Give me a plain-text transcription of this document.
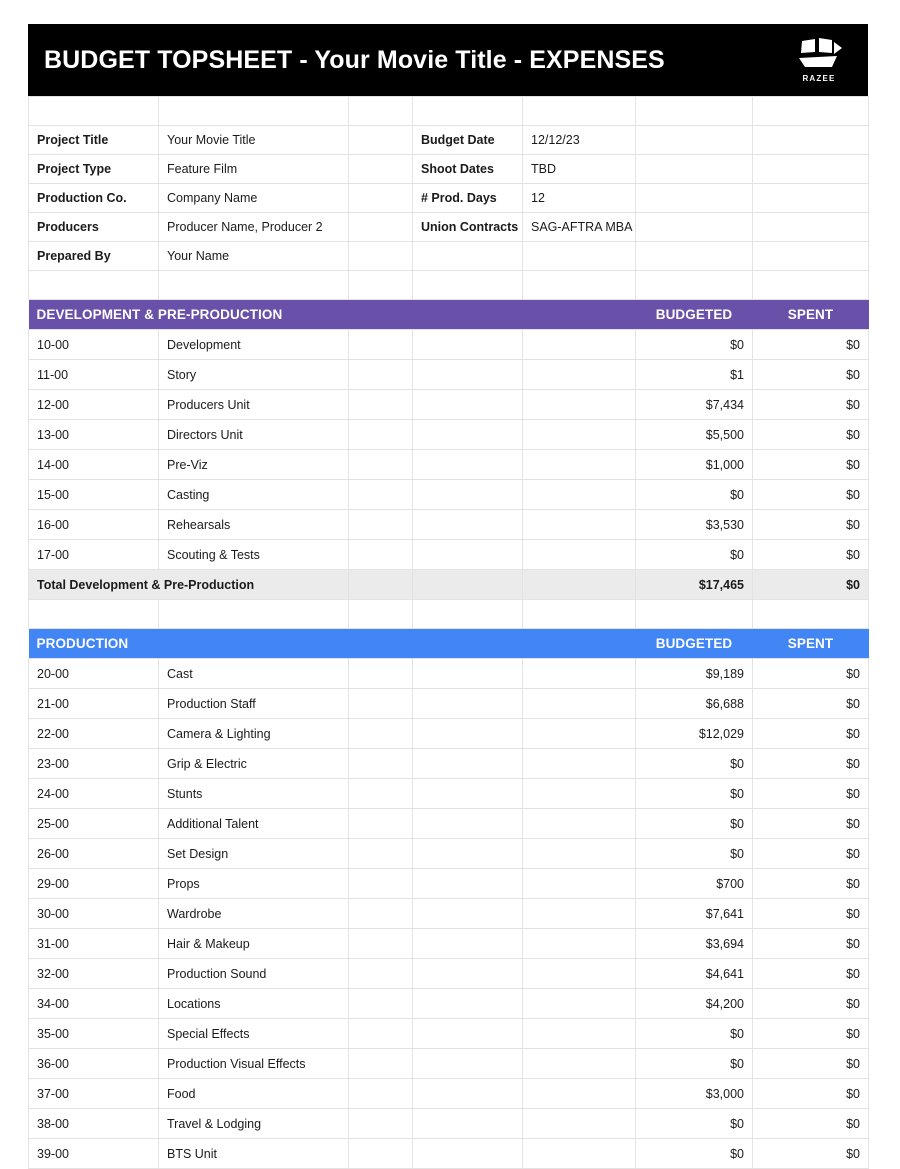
BUDGET TOPSHEET - Your Movie Title - EXPENSES
RAZEE

Project Title	Your Movie Title		Budget Date	12/12/23		
Project Type	Feature Film		Shoot Dates	TBD		
Production Co.	Company Name		# Prod. Days	12		
Producers	Producer Name, Producer 2		Union Contracts	SAG-AFTRA MBA		
Prepared By	Your Name					

DEVELOPMENT & PRE-PRODUCTION					BUDGETED	SPENT
10-00	Development				$0	$0
11-00	Story				$1	$0
12-00	Producers Unit				$7,434	$0
13-00	Directors Unit				$5,500	$0
14-00	Pre-Viz				$1,000	$0
15-00	Casting				$0	$0
16-00	Rehearsals				$3,530	$0
17-00	Scouting & Tests				$0	$0
Total Development & Pre-Production					$17,465	$0

PRODUCTION					BUDGETED	SPENT
20-00	Cast				$9,189	$0
21-00	Production Staff				$6,688	$0
22-00	Camera & Lighting				$12,029	$0
23-00	Grip & Electric				$0	$0
24-00	Stunts				$0	$0
25-00	Additional Talent				$0	$0
26-00	Set Design				$0	$0
29-00	Props				$700	$0
30-00	Wardrobe				$7,641	$0
31-00	Hair & Makeup				$3,694	$0
32-00	Production Sound				$4,641	$0
34-00	Locations				$4,200	$0
35-00	Special Effects				$0	$0
36-00	Production Visual Effects				$0	$0
37-00	Food				$3,000	$0
38-00	Travel & Lodging				$0	$0
39-00	BTS Unit				$0	$0
